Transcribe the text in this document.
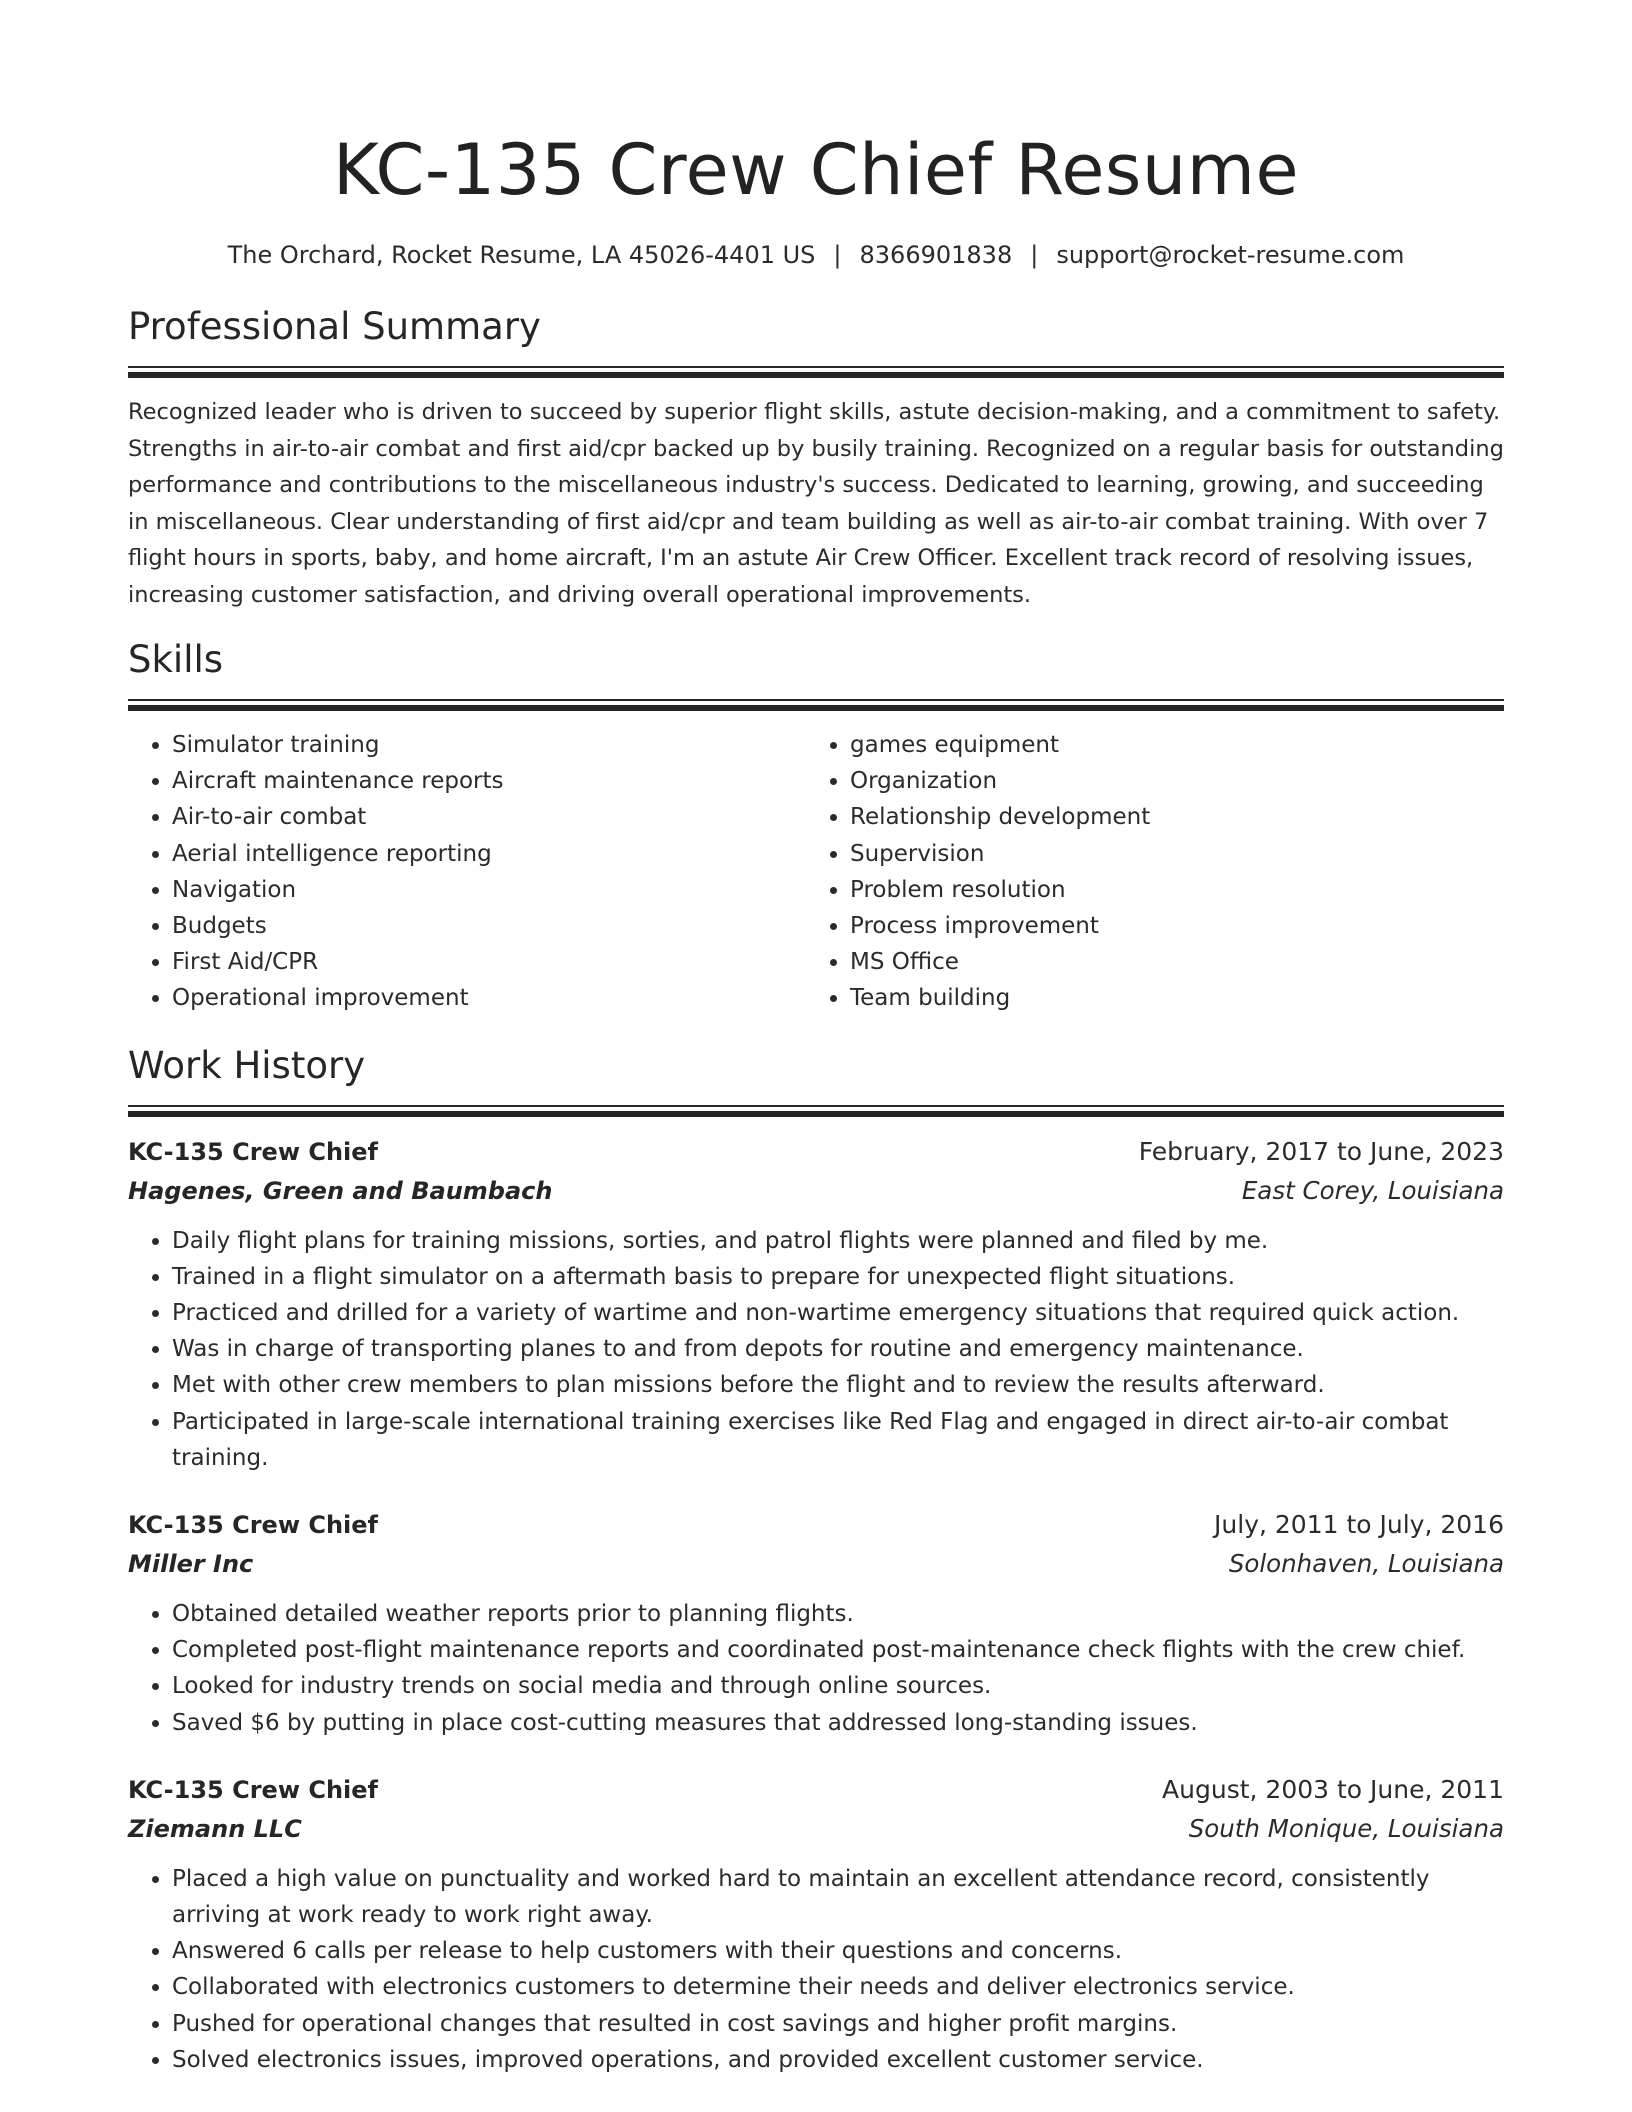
KC-135 Crew Chief Resume
The Orchard, Rocket Resume, LA 45026-4401 US | 8366901838 | support@rocket-resume.com
Professional Summary

Recognized leader who is driven to succeed by superior flight skills, astute decision-making, and a commitment to safety. Strengths in air-to-air combat and first aid/cpr backed up by busily training. Recognized on a regular basis for outstanding performance and contributions to the miscellaneous industry's success. Dedicated to learning, growing, and succeeding in miscellaneous. Clear understanding of first aid/cpr and team building as well as air-to-air combat training. With over 7 flight hours in sports, baby, and home aircraft, I'm an astute Air Crew Officer. Excellent track record of resolving issues, increasing customer satisfaction, and driving overall operational improvements.

Skills
• Simulator training
• Aircraft maintenance reports
• Air-to-air combat
• Aerial intelligence reporting
• Navigation
• Budgets
• First Aid/CPR
• Operational improvement
• games equipment
• Organization
• Relationship development
• Supervision
• Problem resolution
• Process improvement
• MS Office
• Team building
Work History
KC-135 Crew Chief	February, 2017 to June, 2023
Hagenes, Green and Baumbach	East Corey, Louisiana
• Daily flight plans for training missions, sorties, and patrol flights were planned and filed by me.
• Trained in a flight simulator on a aftermath basis to prepare for unexpected flight situations.
• Practiced and drilled for a variety of wartime and non-wartime emergency situations that required quick action.
• Was in charge of transporting planes to and from depots for routine and emergency maintenance.
• Met with other crew members to plan missions before the flight and to review the results afterward.
• Participated in large-scale international training exercises like Red Flag and engaged in direct air-to-air combat training.
KC-135 Crew Chief	July, 2011 to July, 2016
Miller Inc	Solonhaven, Louisiana
• Obtained detailed weather reports prior to planning flights.
• Completed post-flight maintenance reports and coordinated post-maintenance check flights with the crew chief.
• Looked for industry trends on social media and through online sources.
• Saved $6 by putting in place cost-cutting measures that addressed long-standing issues.
KC-135 Crew Chief	August, 2003 to June, 2011
Ziemann LLC	South Monique, Louisiana
• Placed a high value on punctuality and worked hard to maintain an excellent attendance record, consistently arriving at work ready to work right away.
• Answered 6 calls per release to help customers with their questions and concerns.
• Collaborated with electronics customers to determine their needs and deliver electronics service.
• Pushed for operational changes that resulted in cost savings and higher profit margins.
• Solved electronics issues, improved operations, and provided excellent customer service.
